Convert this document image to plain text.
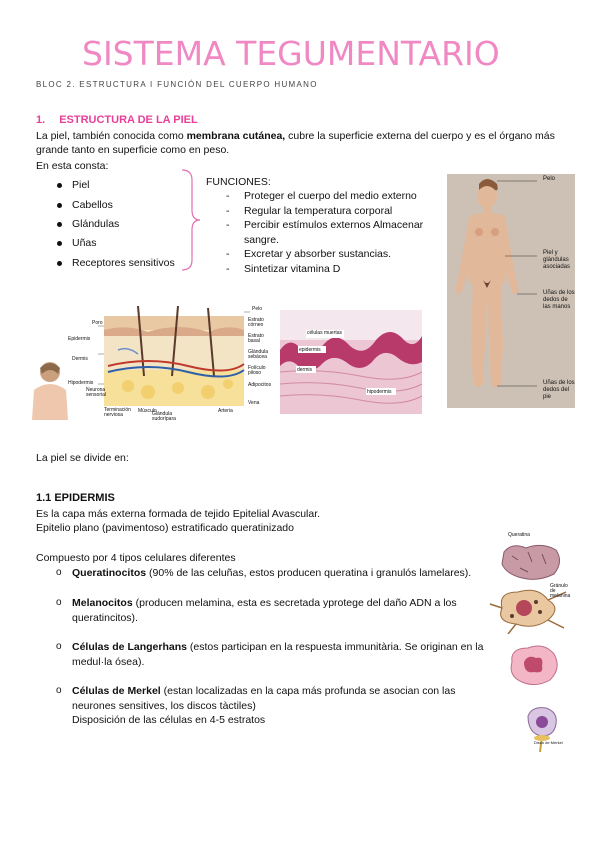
SISTEMA TEGUMENTARIO
BLOC 2. ESTRUCTURA I FUNCIÓN DEL CUERPO HUMANO
1. ESTRUCTURA DE LA PIEL
La piel, también conocida como membrana cutánea, cubre la superficie externa del cuerpo y es el órgano más grande tanto en superficie como en peso.
En esta consta:
Piel
Cabellos
Glándulas
Uñas
Receptores sensitivos
FUNCIONES:
- Proteger el cuerpo del medio externo
- Regular la temperatura corporal
- Percibir estímulos externos Almacenar sangre.
- Excretar y absorber sustancias.
- Sintetizar vitamina D
Pelo
Piel y glándulas asociadas
Uñas de los dedos de las manos
Uñas de los dedos del pie
Poro
Epidermis
Dermis
Hipodermis
Neurona sensorial
Terminación nerviosa
Músculo
Glándula sudorípara
Pelo
Estrato córneo
Estrato basal
Glándula sebácea
Folículo piloso
Adipocitos
Arteria
Vena
células muertas
epidermis
dermis
hipodermis
La piel se divide en:
1.1 EPIDERMIS
Es la capa más externa formada de tejido Epitelial Avascular.
Epitelio plano (pavimentoso) estratificado queratinizado
Compuesto por 4 tipos celulares diferentes
o Queratinocitos (90% de las celuñas, estos producen queratina i granulós lamelares).
o Melanocitos (producen melamina, esta es secretada yprotege del daño ADN a los queratincitos).
o Células de Langerhans (estos participan en la respuesta immunitària. Se originan en la medul·la ósea).
o Células de Merkel (estan localizadas en la capa más profunda se asocian con las neurones sensitives, los discos tàctiles)
Disposición de las células en 4-5 estratos
Queratina
Gránulo de melanina
Disco de Merkel
